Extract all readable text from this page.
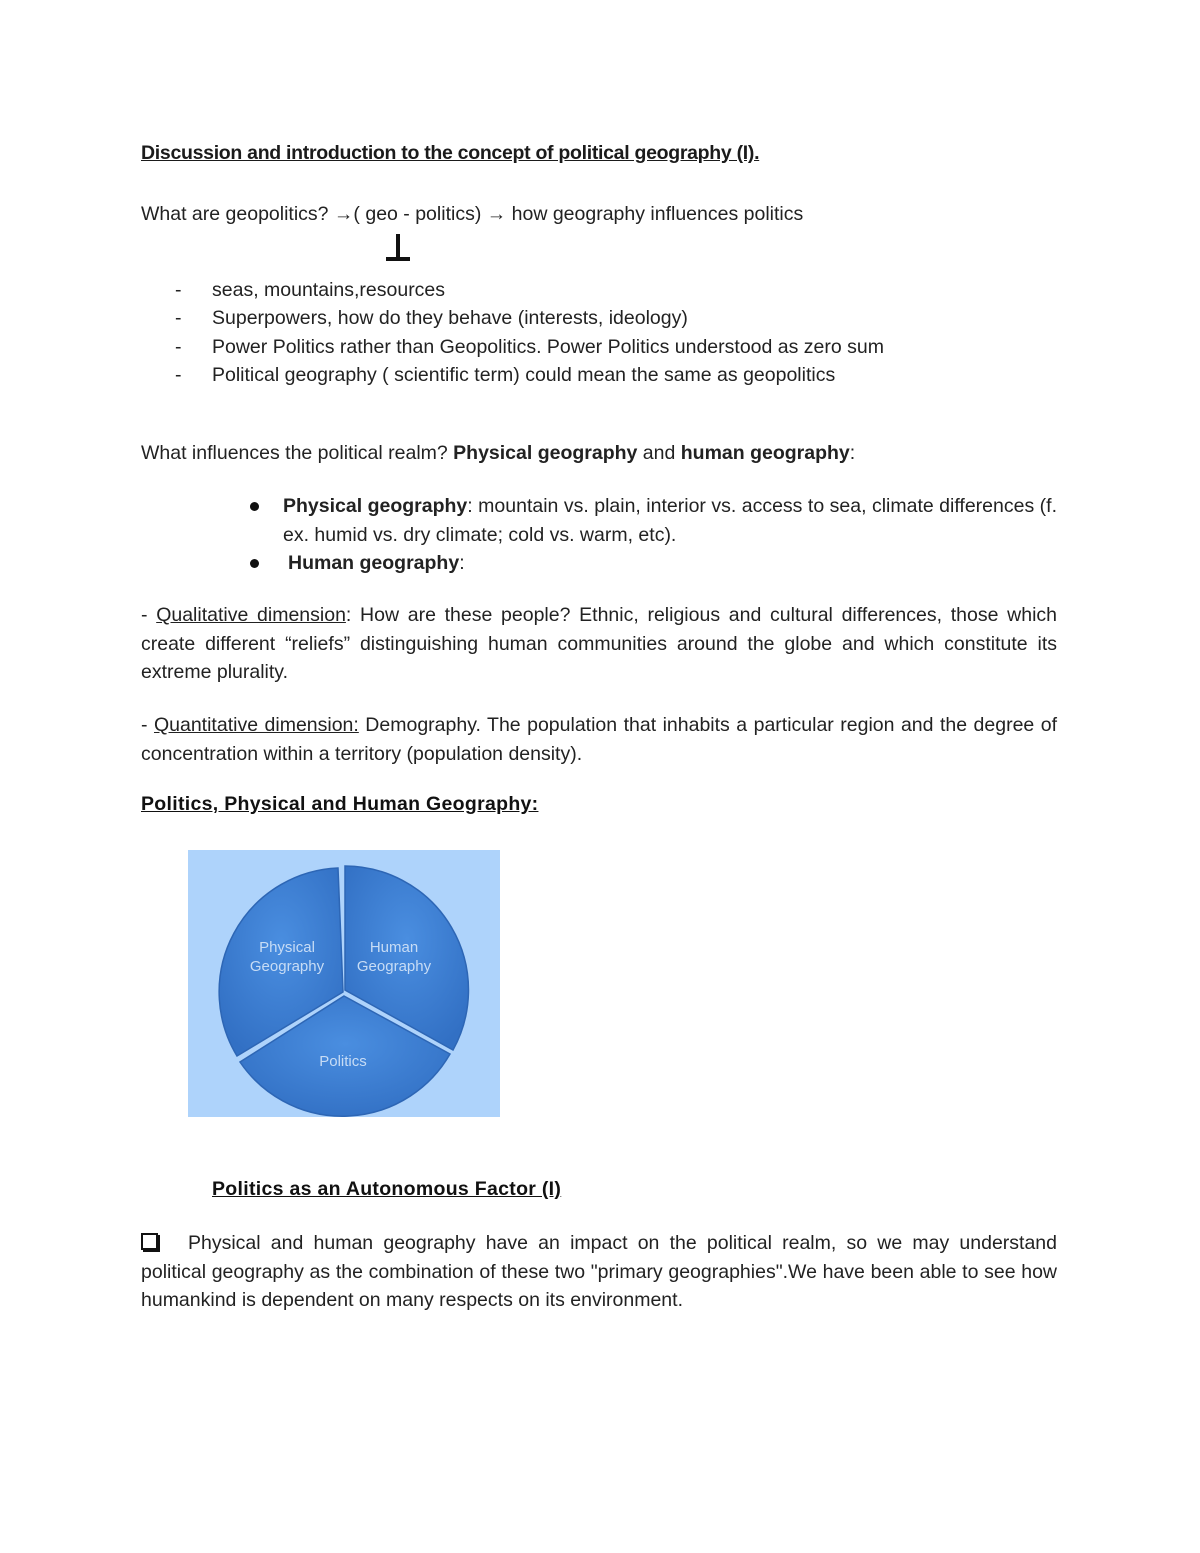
Discussion and introduction to the concept of political geography (I).
What are geopolitics? →( geo - politics) → how geography influences politics
- seas, mountains,resources
- Superpowers, how do they behave (interests, ideology)
- Power Politics rather than Geopolitics. Power Politics understood as zero sum
- Political geography ( scientific term) could mean the same as geopolitics
What influences the political realm? Physical geography and human geography:
Physical geography: mountain vs. plain, interior vs. access to sea, climate differences (f. ex. humid vs. dry climate; cold vs. warm, etc).
Human geography:
- Qualitative dimension: How are these people? Ethnic, religious and cultural differences, those which create different “reliefs” distinguishing human communities around the globe and which constitute its extreme plurality.
- Quantitative dimension: Demography. The population that inhabits a particular region and the degree of concentration within a territory (population density).
Politics, Physical and Human Geography:
Physical
Geography
Human
Geography
Politics
Politics as an Autonomous Factor (I)
Physical and human geography have an impact on the political realm, so we may understand political geography as the combination of these two "primary geographies".We have been able to see how humankind is dependent on many respects on its environment.
